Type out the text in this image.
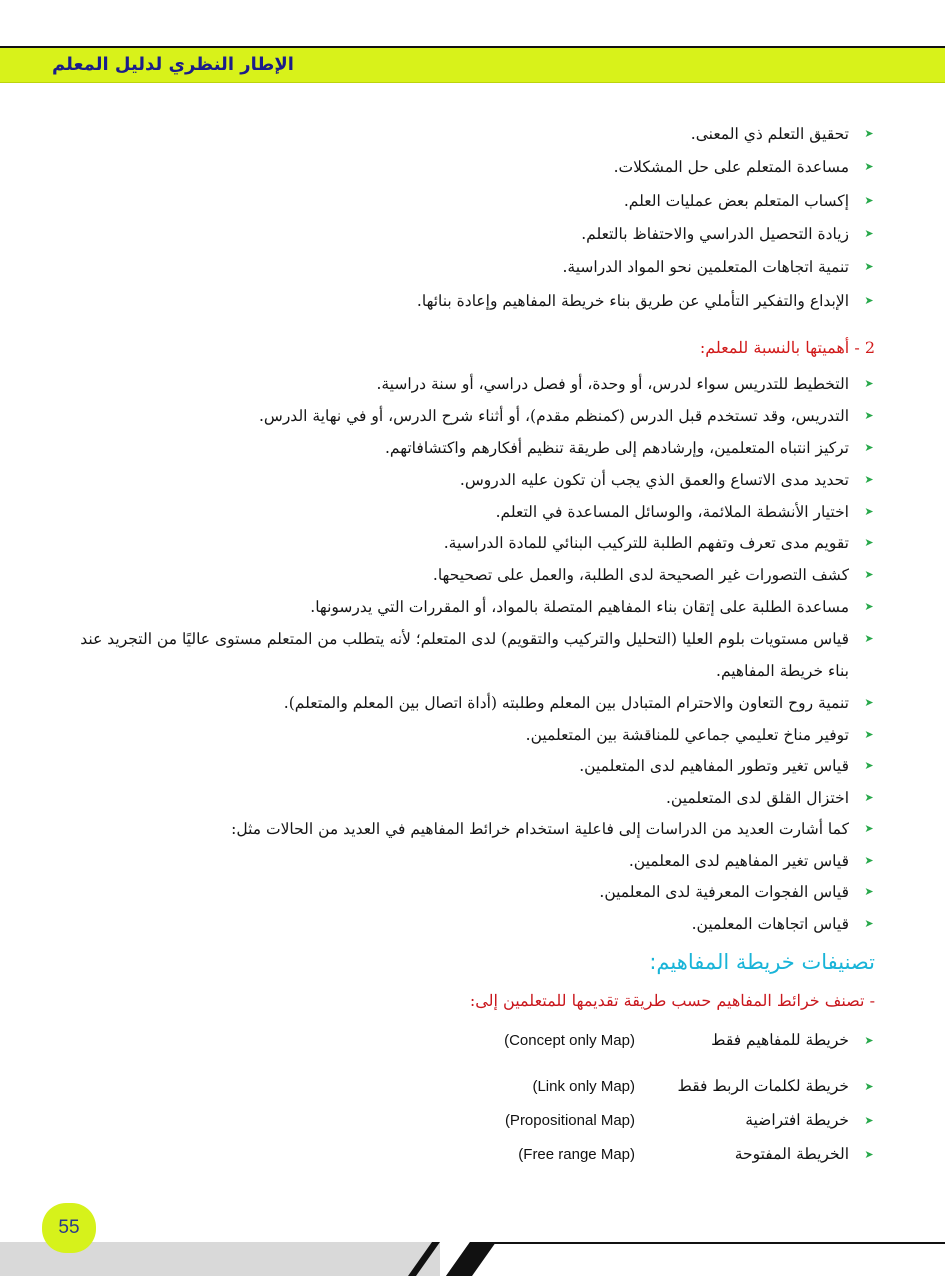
الإطار النظري لدليل المعلم
➤
تحقيق التعلم ذي المعنى.
➤
مساعدة المتعلم على حل المشكلات.
➤
إكساب المتعلم بعض عمليات العلم.
➤
زيادة التحصيل الدراسي والاحتفاظ بالتعلم.
➤
تنمية اتجاهات المتعلمين نحو المواد الدراسية.
➤
الإبداع والتفكير التأملي عن طريق بناء خريطة المفاهيم وإعادة بنائها.
2 - أهميتها بالنسبة للمعلم:
➤
التخطيط للتدريس سواء لدرس، أو وحدة، أو فصل دراسي، أو سنة دراسية.
➤
التدريس، وقد تستخدم قبل الدرس (كمنظم مقدم)، أو أثناء شرح الدرس، أو في نهاية الدرس.
➤
تركيز انتباه المتعلمين، وإرشادهم إلى طريقة تنظيم أفكارهم واكتشافاتهم.
➤
تحديد مدى الاتساع والعمق الذي يجب أن تكون عليه الدروس.
➤
اختيار الأنشطة الملائمة، والوسائل المساعدة في التعلم.
➤
تقويم مدى تعرف وتفهم الطلبة للتركيب البنائي للمادة الدراسية.
➤
كشف التصورات غير الصحيحة لدى الطلبة، والعمل على تصحيحها.
➤
مساعدة الطلبة على إتقان بناء المفاهيم المتصلة بالمواد، أو المقررات التي يدرسونها.
➤
قياس مستويات بلوم العليا (التحليل والتركيب والتقويم) لدى المتعلم؛ لأنه يتطلب من المتعلم مستوى عاليًا من التجريد عند بناء خريطة المفاهيم.
➤
تنمية روح التعاون والاحترام المتبادل بين المعلم وطلبته (أداة اتصال بين المعلم والمتعلم).
➤
توفير مناخ تعليمي جماعي للمناقشة بين المتعلمين.
➤
قياس تغير وتطور المفاهيم لدى المتعلمين.
➤
اختزال القلق لدى المتعلمين.
➤
كما أشارت العديد من الدراسات إلى فاعلية استخدام خرائط المفاهيم في العديد من الحالات مثل:
➤
قياس تغير المفاهيم لدى المعلمين.
➤
قياس الفجوات المعرفية لدى المعلمين.
➤
قياس اتجاهات المعلمين.
تصنيفات خريطة المفاهيم:
- تصنف خرائط المفاهيم حسب طريقة تقديمها للمتعلمين إلى:
➤
خريطة للمفاهيم فقط
(Concept only Map)
➤
خريطة لكلمات الربط فقط
(Link only Map)
➤
خريطة افتراضية
(Propositional Map)
➤
الخريطة المفتوحة
(Free range Map)
55
